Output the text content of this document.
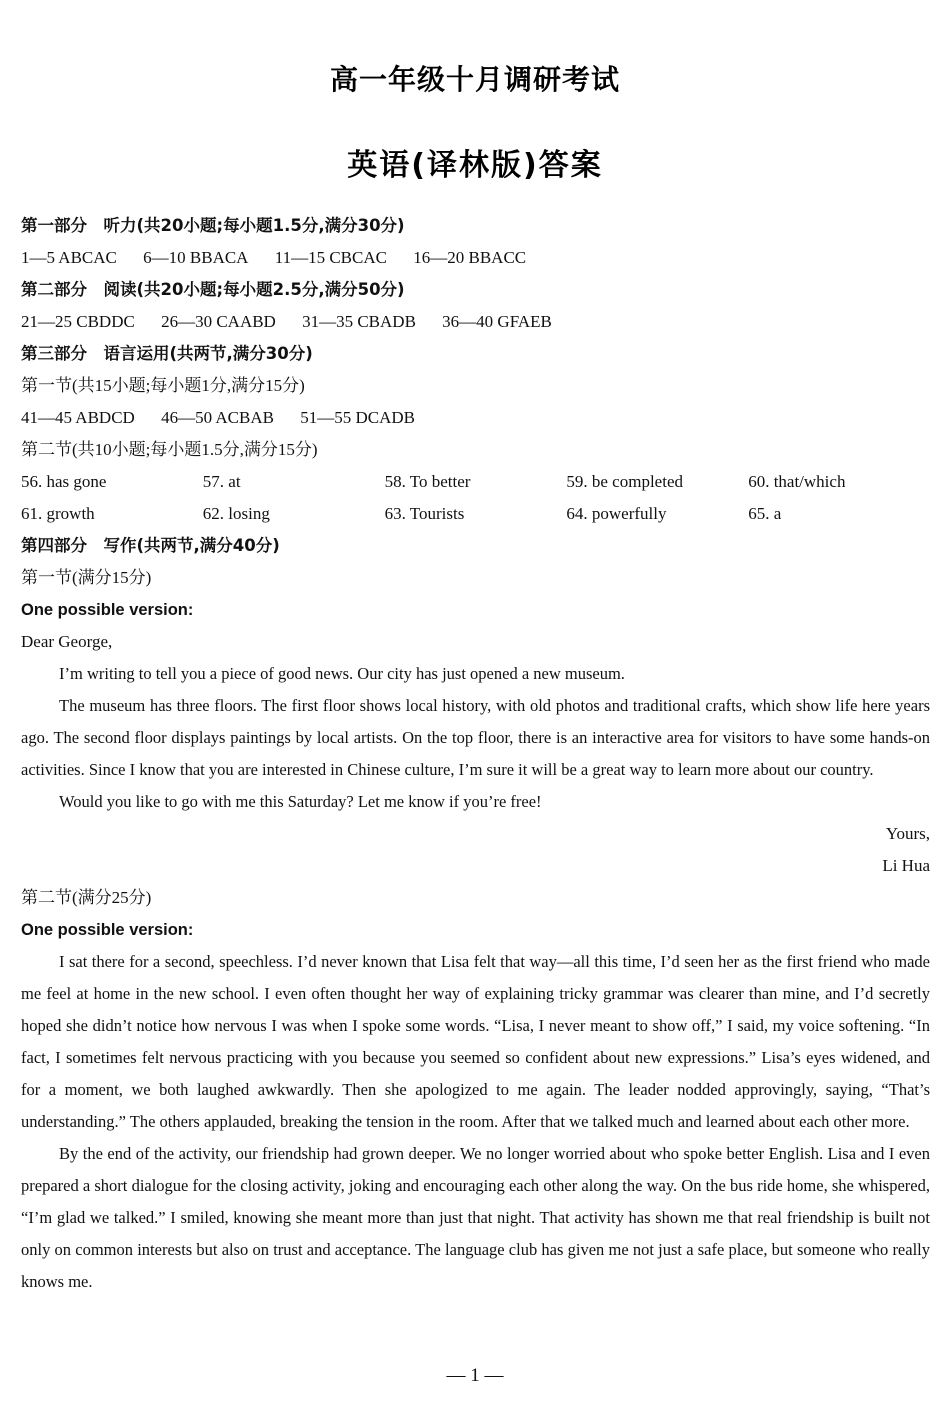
高一年级十月调研考试
英语(译林版)答案
第一部分　听力(共20小题;每小题1.5分,满分30分)
1—5 ABCAC 6—10 BBACA 11—15 CBCAC 16—20 BBACC
第二部分　阅读(共20小题;每小题2.5分,满分50分)
21—25 CBDDC 26—30 CAABD 31—35 CBADB 36—40 GFAEB
第三部分　语言运用(共两节,满分30分)
第一节(共15小题;每小题1分,满分15分)
41—45 ABDCD 46—50 ACBAB 51—55 DCADB
第二节(共10小题;每小题1.5分,满分15分)
56. has gone	57. at	58. To better	59. be completed	60. that/which
61. growth	62. losing	63. Tourists	64. powerfully	65. a
第四部分　写作(共两节,满分40分)
第一节(满分15分)
One possible version:
Dear George,

I’m writing to tell you a piece of good news. Our city has just opened a new museum.

The museum has three floors. The first floor shows local history, with old photos and traditional crafts, which show life here years ago. The second floor displays paintings by local artists. On the top floor, there is an interactive area for visitors to have some hands-on activities. Since I know that you are interested in Chinese culture, I’m sure it will be a great way to learn more about our country.

Would you like to go with me this Saturday? Let me know if you’re free!

Yours,
Li Hua
第二节(满分25分)
One possible version:

I sat there for a second, speechless. I’d never known that Lisa felt that way—all this time, I’d seen her as the first friend who made me feel at home in the new school. I even often thought her way of explaining tricky grammar was clearer than mine, and I’d secretly hoped she didn’t notice how nervous I was when I spoke some words. “Lisa, I never meant to show off,” I said, my voice softening. “In fact, I sometimes felt nervous practicing with you because you seemed so confident about new expressions.” Lisa’s eyes widened, and for a moment, we both laughed awkwardly. Then she apologized to me again. The leader nodded approvingly, saying, “That’s understanding.” The others applauded, breaking the tension in the room. After that we talked much and learned about each other more.

By the end of the activity, our friendship had grown deeper. We no longer worried about who spoke better English. Lisa and I even prepared a short dialogue for the closing activity, joking and encouraging each other along the way. On the bus ride home, she whispered, “I’m glad we talked.” I smiled, knowing she meant more than just that night. That activity has shown me that real friendship is built not only on common interests but also on trust and acceptance. The language club has given me not just a safe place, but someone who really knows me.

— 1 —
